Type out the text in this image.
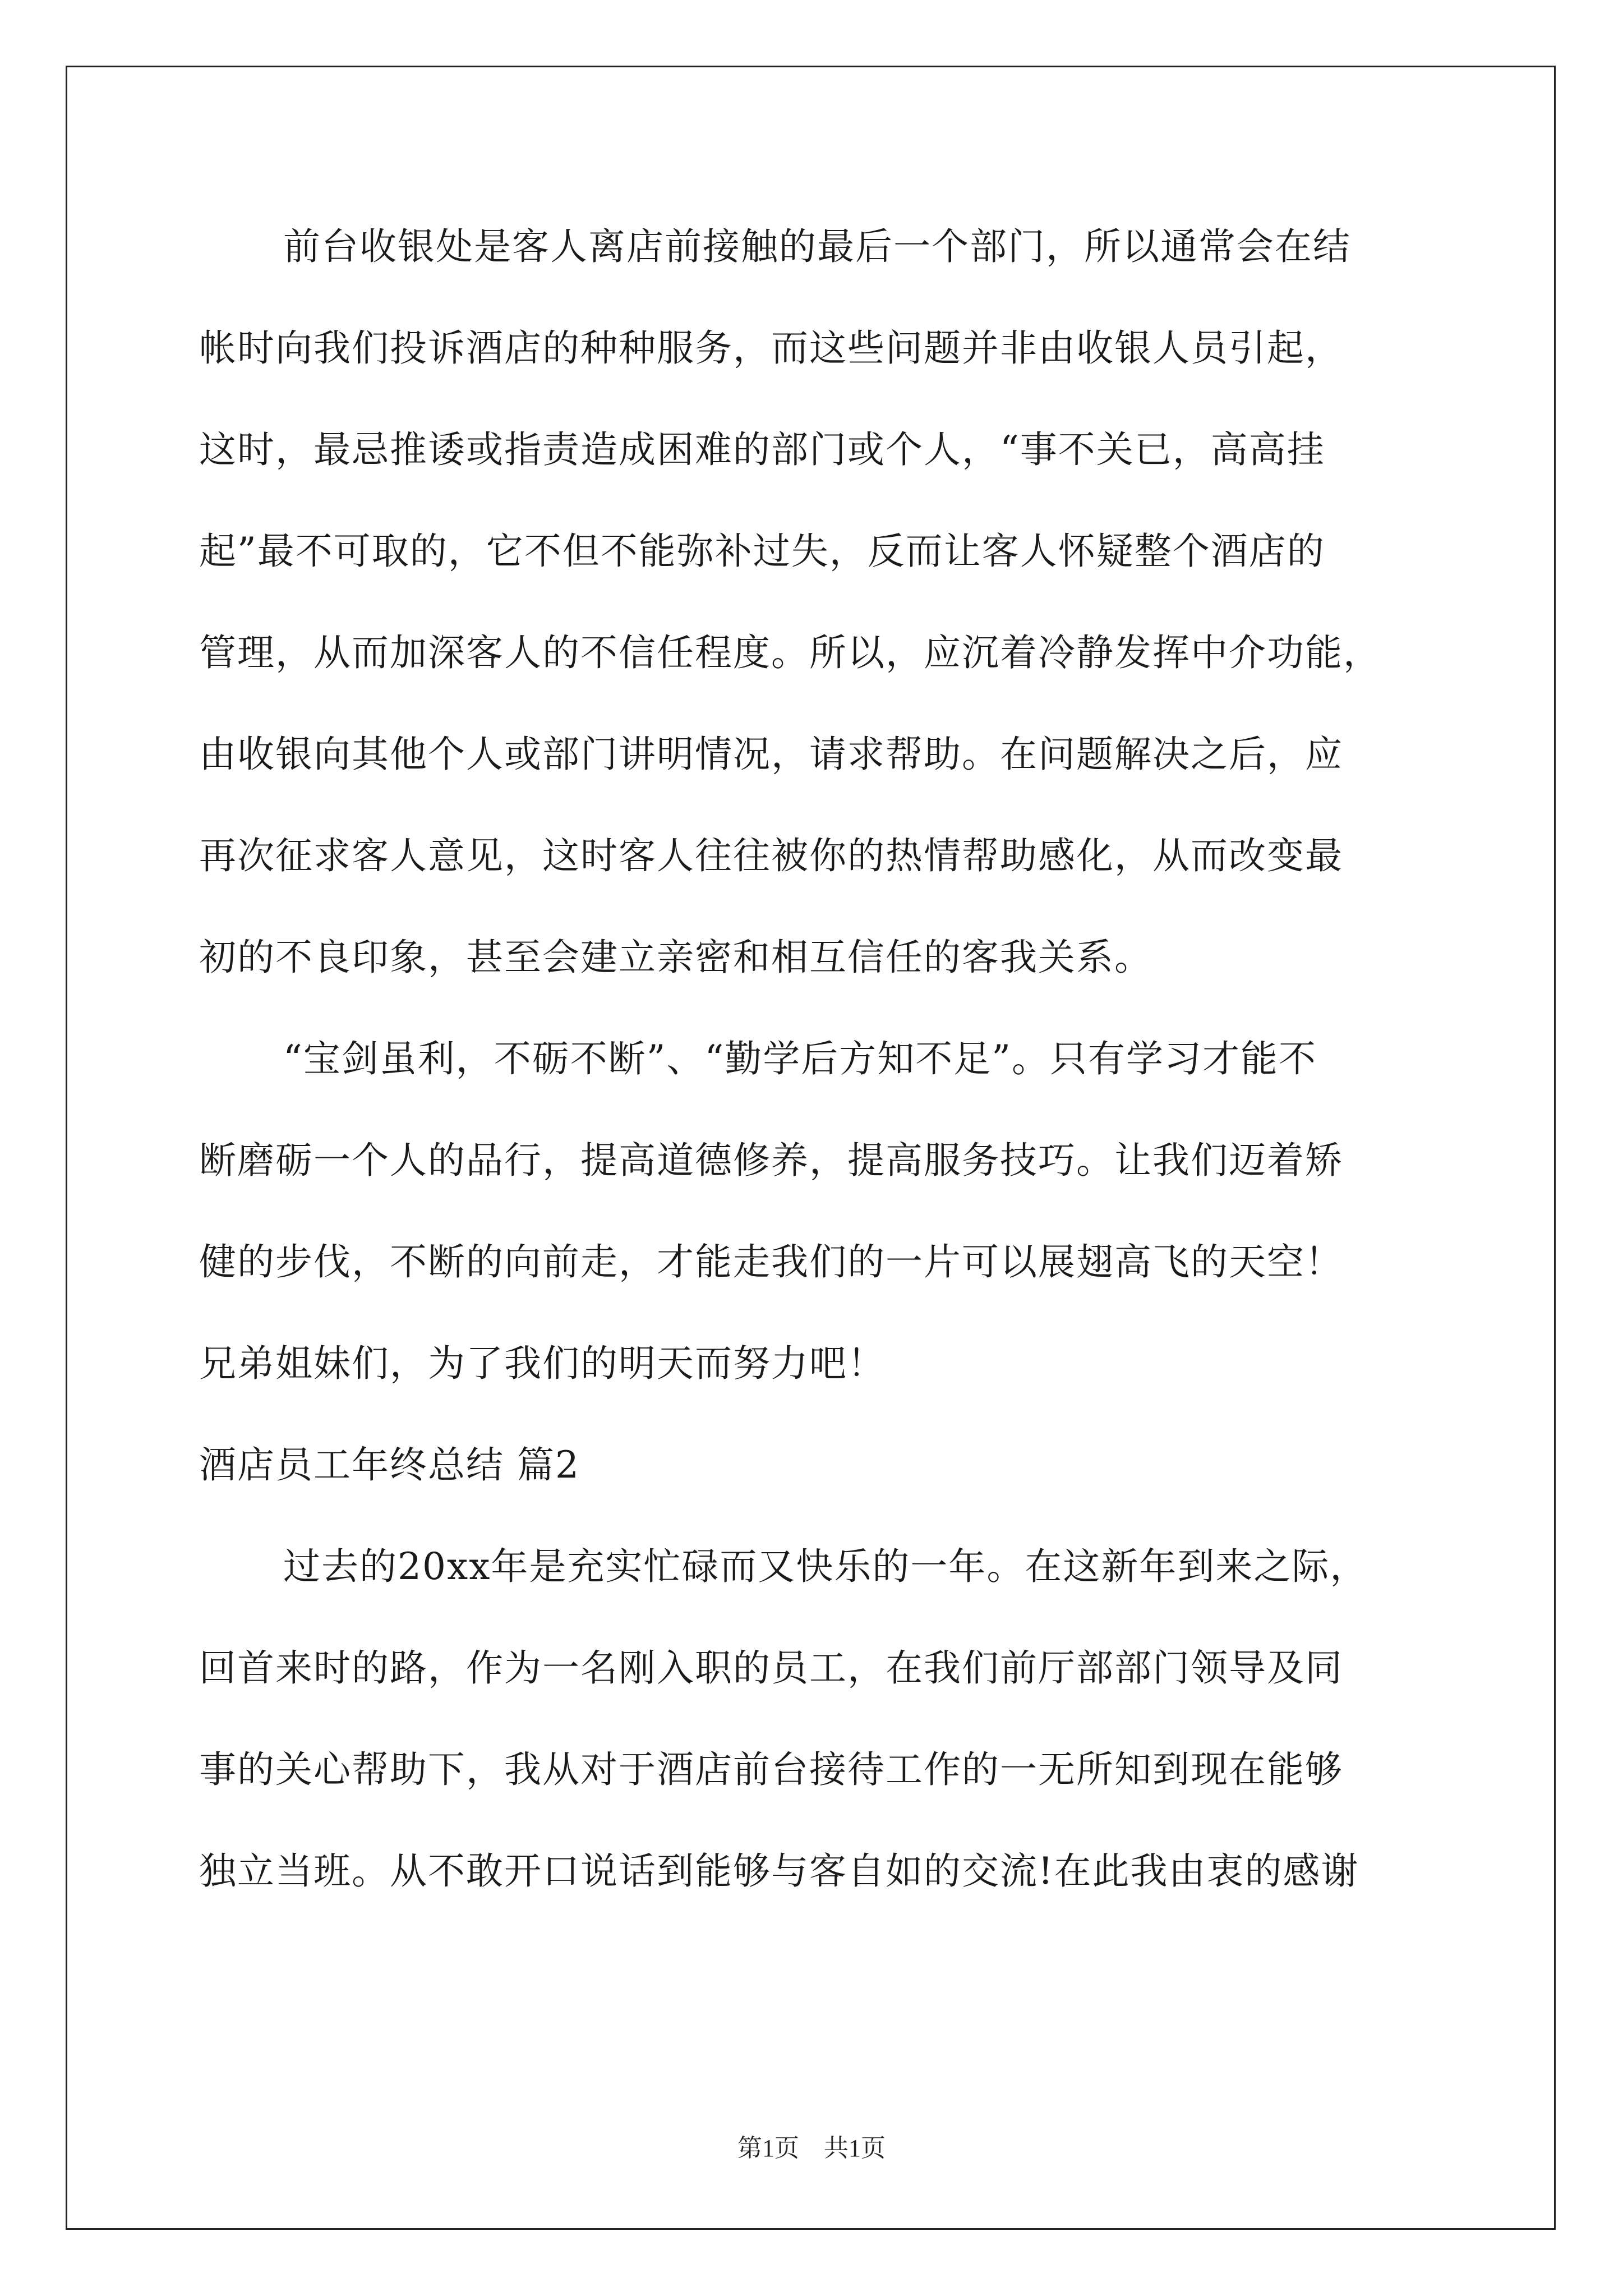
前台收银处是客人离店前接触的最后一个部门，所以通常会在结
帐时向我们投诉酒店的种种服务，而这些问题并非由收银人员引起，
这时，最忌推诿或指责造成困难的部门或个人，“事不关已，高高挂
起”最不可取的，它不但不能弥补过失，反而让客人怀疑整个酒店的
管理，从而加深客人的不信任程度。所以，应沉着冷静发挥中介功能，
由收银向其他个人或部门讲明情况，请求帮助。在问题解决之后，应
再次征求客人意见，这时客人往往被你的热情帮助感化，从而改变最
初的不良印象，甚至会建立亲密和相互信任的客我关系。
“宝剑虽利，不砺不断”、“勤学后方知不足”。只有学习才能不
断磨砺一个人的品行，提高道德修养，提高服务技巧。让我们迈着矫
健的步伐，不断的向前走，才能走我们的一片可以展翅高飞的天空！
兄弟姐妹们，为了我们的明天而努力吧！
酒店员工年终总结 篇2
过去的20xx年是充实忙碌而又快乐的一年。在这新年到来之际，
回首来时的路，作为一名刚入职的员工，在我们前厅部部门领导及同
事的关心帮助下，我从对于酒店前台接待工作的一无所知到现在能够
独立当班。从不敢开口说话到能够与客自如的交流!在此我由衷的感谢
第1页　共1页
